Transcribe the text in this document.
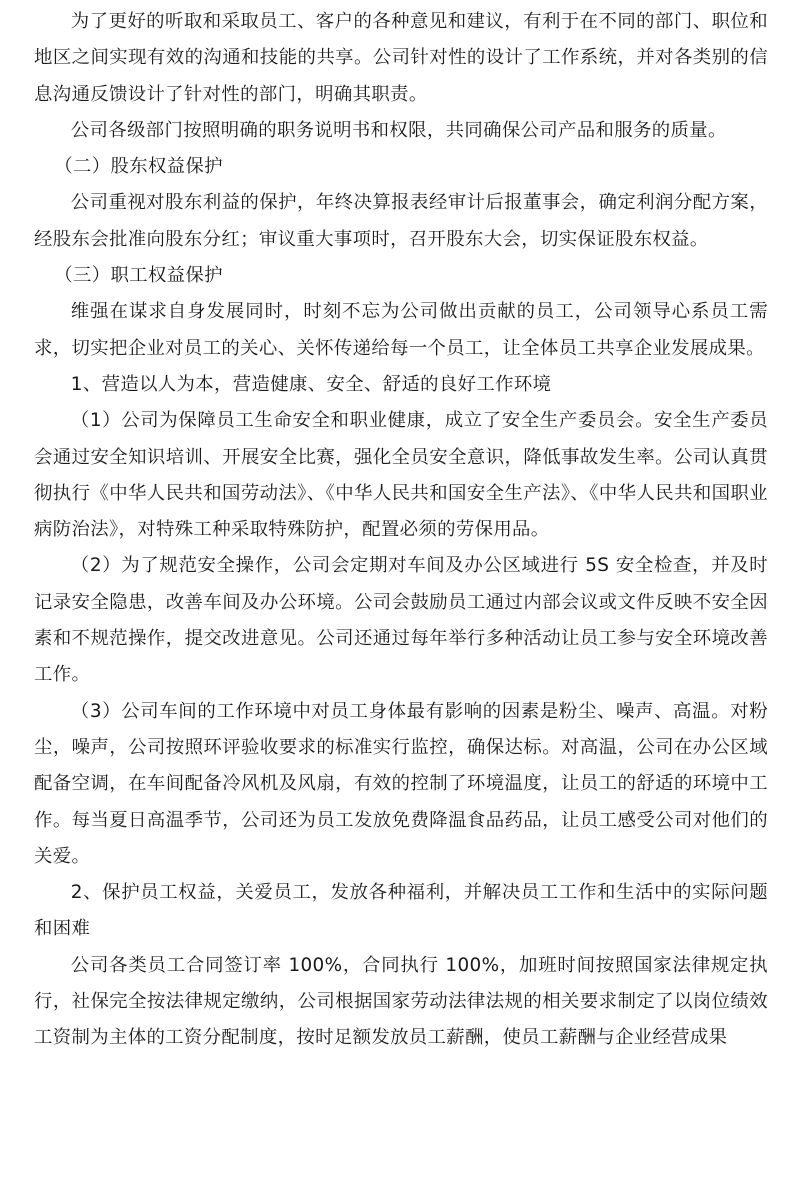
为了更好的听取和采取员工、客户的各种意见和建议，有利于在不同的部门、职位和地区之间实现有效的沟通和技能的共享。公司针对性的设计了工作系统，并对各类别的信息沟通反馈设计了针对性的部门，明确其职责。

公司各级部门按照明确的职务说明书和权限，共同确保公司产品和服务的质量。

（二）股东权益保护

公司重视对股东利益的保护，年终决算报表经审计后报董事会，确定利润分配方案，经股东会批准向股东分红；审议重大事项时，召开股东大会，切实保证股东权益。

（三）职工权益保护

维强在谋求自身发展同时，时刻不忘为公司做出贡献的员工，公司领导心系员工需求，切实把企业对员工的关心、关怀传递给每一个员工，让全体员工共享企业发展成果。

1、营造以人为本，营造健康、安全、舒适的良好工作环境

（1）公司为保障员工生命安全和职业健康，成立了安全生产委员会。安全生产委员会通过安全知识培训、开展安全比赛，强化全员安全意识，降低事故发生率。公司认真贯彻执行《中华人民共和国劳动法》、《中华人民共和国安全生产法》、《中华人民共和国职业病防治法》，对特殊工种采取特殊防护，配置必须的劳保用品。

（2）为了规范安全操作，公司会定期对车间及办公区域进行 5S 安全检查，并及时记录安全隐患，改善车间及办公环境。公司会鼓励员工通过内部会议或文件反映不安全因素和不规范操作，提交改进意见。公司还通过每年举行多种活动让员工参与安全环境改善工作。

（3）公司车间的工作环境中对员工身体最有影响的因素是粉尘、噪声、高温。对粉尘，噪声，公司按照环评验收要求的标准实行监控，确保达标。对高温，公司在办公区域配备空调，在车间配备冷风机及风扇，有效的控制了环境温度，让员工的舒适的环境中工作。每当夏日高温季节，公司还为员工发放免费降温食品药品，让员工感受公司对他们的关爱。

2、保护员工权益，关爱员工，发放各种福利，并解决员工工作和生活中的实际问题和困难

公司各类员工合同签订率 100%，合同执行 100%，加班时间按照国家法律规定执行，社保完全按法律规定缴纳，公司根据国家劳动法律法规的相关要求制定了以岗位绩效工资制为主体的工资分配制度，按时足额发放员工薪酬，使员工薪酬与企业经营成果
